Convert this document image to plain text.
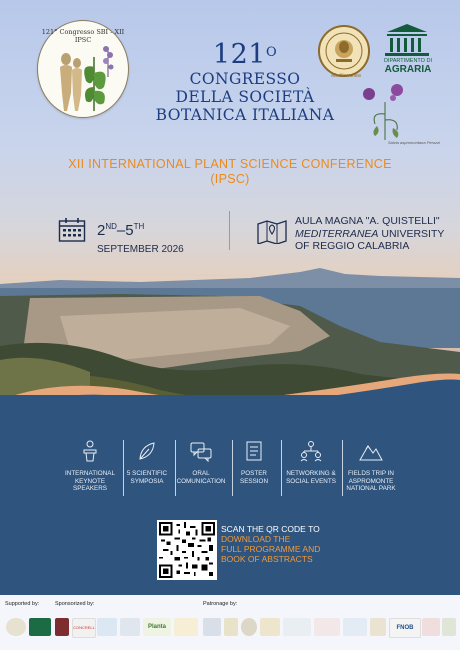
121° Congresso SBI - XII IPSC	$121^O$
CONGRESSO
DELLA SOCIETÀ
BOTANICA ITALIANA
Mediterranea
DIPARTIMENTO DI
AGRARIA
Salvia aspromontana Peruzzi
XII INTERNATIONAL PLANT SCIENCE CONFERENCE
(IPSC)
2ND–5TH
SEPTEMBER 2026
AULA MAGNA "A. QUISTELLI"
MEDITERRANEA UNIVERSITY
OF REGGIO CALABRIA
INTERNATIONAL
KEYNOTE
SPEAKERS
5 SCIENTIFIC
SYMPOSIA
ORAL
COMUNICATION
POSTER
SESSION
NETWORKING &
SOCIAL EVENTS
FIELDS TRIP IN
ASPROMONTE
NATIONAL PARK
SCAN THE QR CODE TO
DOWNLOAD THE
FULL PROGRAMME AND
BOOK OF ABSTRACTS
Supported by:	Sponsorized by:	Patronage by:
CONCRELL	Planta	FNOB
